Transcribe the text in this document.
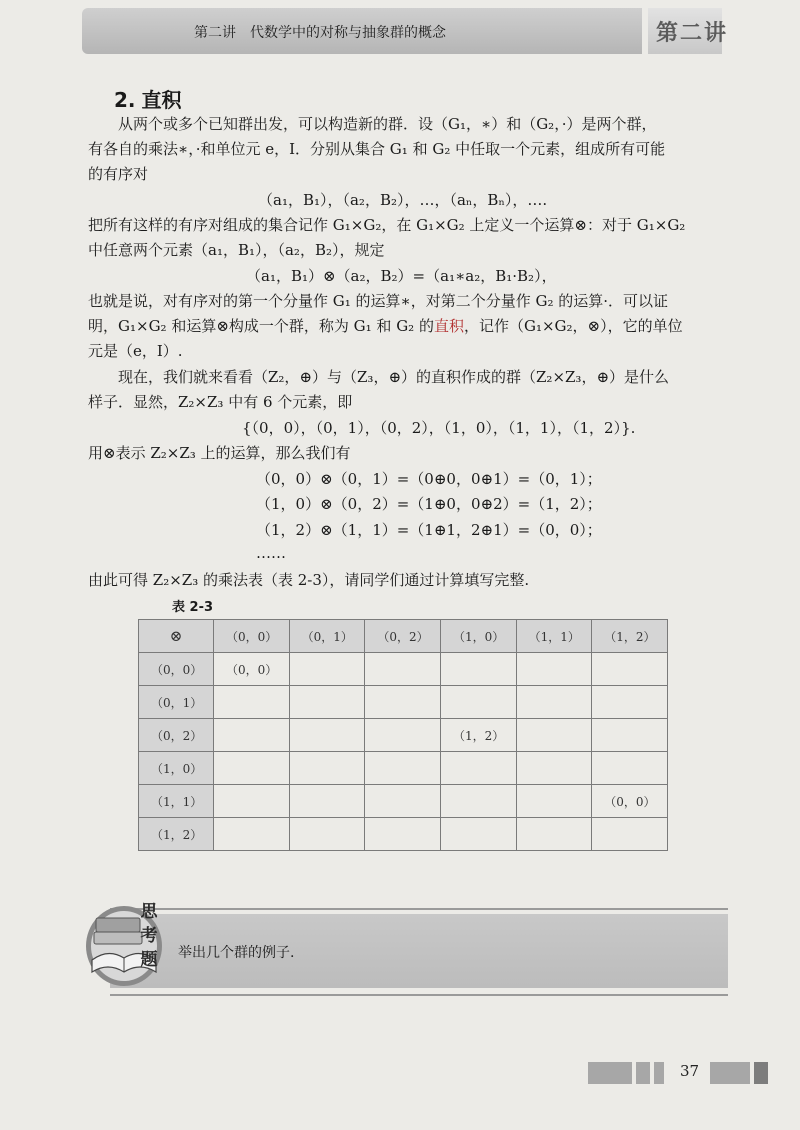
第二讲　代数学中的对称与抽象群的概念	第二讲
2. 直积
从两个或多个已知群出发，可以构造新的群．设（G₁，∗）和（G₂，·）是两个群，
有各自的乘法∗，·和单位元 e，I．分别从集合 G₁ 和 G₂ 中任取一个元素，组成所有可能
的有序对
（a₁，B₁），（a₂，B₂），…，（aₙ，Bₙ），….
把所有这样的有序对组成的集合记作 G₁×G₂，在 G₁×G₂ 上定义一个运算⊗：对于 G₁×G₂
中任意两个元素（a₁，B₁），（a₂，B₂），规定
（a₁，B₁）⊗（a₂，B₂）=（a₁∗a₂，B₁·B₂），
也就是说，对有序对的第一个分量作 G₁ 的运算∗，对第二个分量作 G₂ 的运算·．可以证
明，G₁×G₂ 和运算⊗构成一个群，称为 G₁ 和 G₂ 的直积，记作（G₁×G₂，⊗），它的单位
元是（e，I）.
现在，我们就来看看（Z₂，⊕）与（Z₃，⊕）的直积作成的群（Z₂×Z₃，⊕）是什么
样子．显然，Z₂×Z₃ 中有 6 个元素，即
{（0，0），（0，1），（0，2），（1，0），（1，1），（1，2）}.
用⊗表示 Z₂×Z₃ 上的运算，那么我们有
（0，0）⊗（0，1）=（0⊕0，0⊕1）=（0，1）；
（1，0）⊗（0，2）=（1⊕0，0⊕2）=（1，2）；
（1，2）⊗（1，1）=（1⊕1，2⊕1）=（0，0）；
……
由此可得 Z₂×Z₃ 的乘法表（表 2-3），请同学们通过计算填写完整.
表 2-3
⊗	（0，0）	（0，1）	（0，2）	（1，0）	（1，1）	（1，2）
（0，0）	（0，0）					
（0，1）						
（0，2）				（1，2）		
（1，0）						
（1，1）						（0，0）
（1，2）						
思
考
题	举出几个群的例子.
37
